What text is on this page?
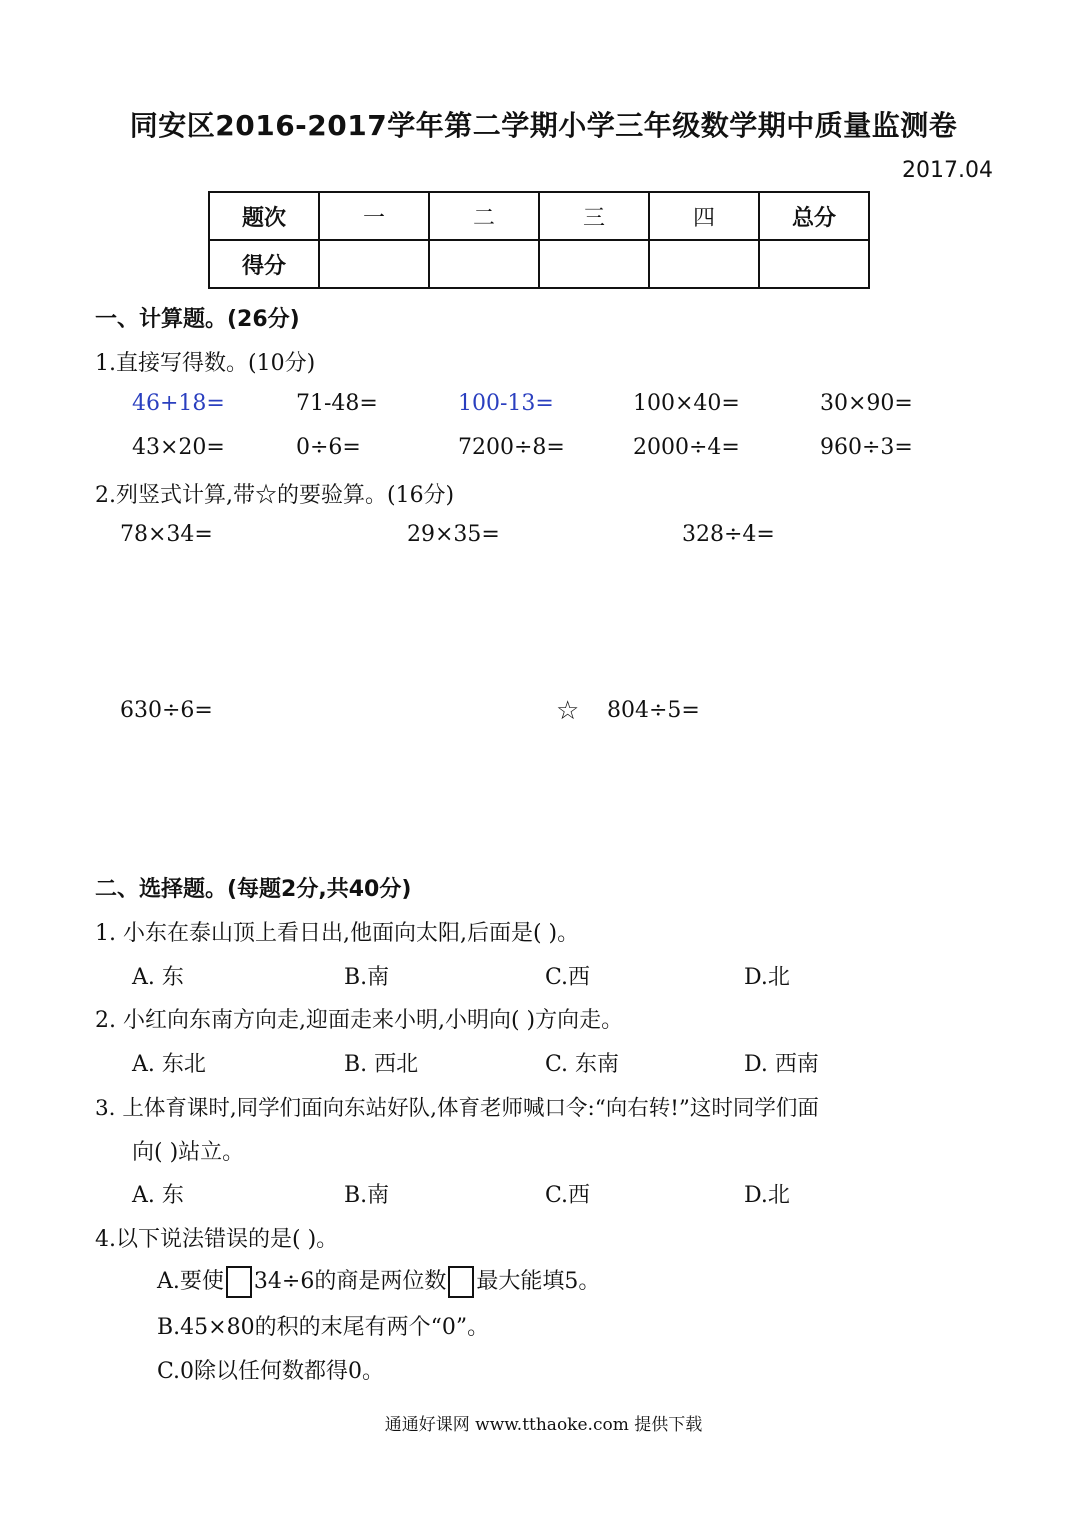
同安区2016-2017学年第二学期小学三年级数学期中质量监测卷
2017.04
题次	一	二	三	四	总分
得分					
一、计算题。(26分)
1.直接写得数。(10分)
46+18=	71-48=	100-13=	100×40=	30×90=
43×20=	0÷6=	7200÷8=	2000÷4=	960÷3=
2.列竖式计算,带☆的要验算。(16分)
78×34=	29×35=	328÷4=
630÷6=	☆ 804÷5=
二、选择题。(每题2分,共40分)
1. 小东在泰山顶上看日出,他面向太阳,后面是( )。
A. 东	B.南	C.西	D.北
2. 小红向东南方向走,迎面走来小明,小明向( )方向走。
A. 东北	B. 西北	C. 东南	D. 西南
3. 上体育课时,同学们面向东站好队,体育老师喊口令:“向右转!”这时同学们面
向( )站立。
A. 东	B.南	C.西	D.北
4.以下说法错误的是( )。
A.要使 34÷6的商是两位数 最大能填5。
B.45×80的积的末尾有两个“0”。
C.0除以任何数都得0。
通通好课网 www.tthaoke.com 提供下载
